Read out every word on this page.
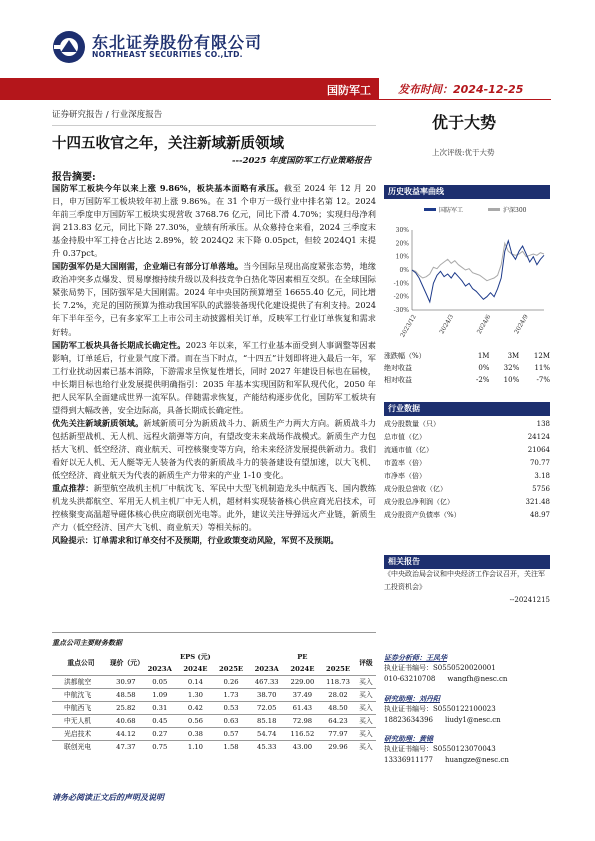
东北证券股份有限公司
NORTHEAST SECURITIES CO.,LTD.
国防军工 发布时间：2024-12-25
证券研究报告 / 行业深度报告
十四五收官之年，关注新域新质领域
---2025 年度国防军工行业策略报告
优于大势
上次评级:优于大势
报告摘要:

国防军工板块今年以来上涨 9.86%，板块基本面略有承压。截至 2024 年 12 月 20 日，申万国防军工板块较年初上涨 9.86%。在 31 个申万一级行业中排名第 12。2024 年前三季度申万国防军工板块实现营收 3768.76 亿元，同比下滑 4.70%；实现归母净利润 213.83 亿元，同比下降 27.30%，业绩有所承压。从众募持仓来看，2024 三季度末基金持股中军工持仓占比达 2.89%，较 2024Q2 末下降 0.05pct，但较 2024Q1 末提升 0.37pct。

国防强军仍是大国刚需，企业端已有部分订单落地。当今国际呈现出高度紧张态势，地缘政治冲突多点爆发、贸易摩擦持续升级以及科技竞争白热化等因素相互交织。在全球国际紧张局势下，国防强军是大国刚需。2024 年中央国防预算增至 16655.40 亿元，同比增长 7.2%，充足的国防预算为推动我国军队的武器装备现代化建设提供了有利支持。2024 年下半年至今，已有多家军工上市公司主动披露相关订单，反映军工行业订单恢复和需求好转。

国防军工板块具备长期成长确定性。2023 年以来，军工行业基本面受到人事调整等因素影响，订单延后，行业景气度下滑。而在当下时点，“十四五”计划即将进入最后一年，军工行业扰动因素已基本消除，下游需求呈恢复性增长，同时 2027 年建设目标也在届棱，中长期目标也给行业发展提供明确指引：2035 年基本实现国防和军队现代化，2050 年把人民军队全面建成世界一流军队。伴随需求恢复，产能结构逐步优化，国防军工板块有望得到大幅改善，安全边际高，具备长期成长确定性。

优先关注新域新质领域。新域新质可分为新质战斗力、新质生产力两大方向。新质战斗力包括新型战机、无人机、远程火箭弹等方向，有望改变未来战场作战模式。新质生产力包括大飞机、低空经济、商业航天、可控核聚变等方向，给未来经济发展提供新动力。我们看好以无人机、无人艇等无人装备为代表的新质战斗力的装备建设有望加速，以大飞机、低空经济、商业航天为代表的新质生产力带来的产业 1-10 变化。

重点推荐：新型航空战机主机厂中航沈飞、军民中大型飞机制造龙头中航西飞、国内教练机龙头洪都航空、军用无人机主机厂中无人机，超材料实现装备核心供应商光启技术，可控核聚变高温超导磁体核心供应商联创光电等。此外，建议关注导弹远火产业链，新质生产力（低空经济、国产大飞机、商业航天）等相关标的。

风险提示：订单需求和订单交付不及预期，行业政策变动风险，军贸不及预期。

历史收益率曲线
国防军工	沪深300
30%
20%
10%
0%
-10%
-20%
-30%
2023/12	2024/3	2024/6	2024/9
涨跌幅（%）	1M	3M	12M
绝对收益	0%	32%	11%
相对收益	-2%	10%	-7%
行业数据
成分股数量（只）	138
总市值（亿）	24124
流通市值（亿）	21064
市盈率（倍）	70.77
市净率（倍）	3.18
成分股总营收（亿）	5756
成分股总净利润（亿）	321.48
成分股资产负债率（%）	48.97
相关报告
《中央政治局会议和中央经济工作会议召开，关注军工投资机会》
--20241215
证券分析师：王凤华
执业证书编号：S0550520020001
010-63210708 wangfh@nesc.cn
研究助理：刘丹阳
执业证书编号：S0550122100023
18823634396 liudy1@nesc.cn
研究助理：黄锦
执业证书编号：S0550123070043
13336911177 huangze@nesc.cn
重点公司主要财务数据
重点公司	现价（元）	EPS (元)			PE			评级
		2023A	2024E	2025E	2023A	2024E	2025E	
洪都航空	30.97	0.05	0.14	0.26	467.33	229.00	118.73	买入
中航沈飞	48.58	1.09	1.30	1.73	38.70	37.49	28.02	买入
中航西飞	25.82	0.31	0.42	0.53	72.05	61.43	48.50	买入
中无人机	40.68	0.45	0.56	0.63	85.18	72.98	64.23	买入
光启技术	44.12	0.27	0.38	0.57	54.74	116.52	77.97	买入
联创光电	47.37	0.75	1.10	1.58	45.33	43.00	29.96	买入
请务必阅读正文后的声明及说明
